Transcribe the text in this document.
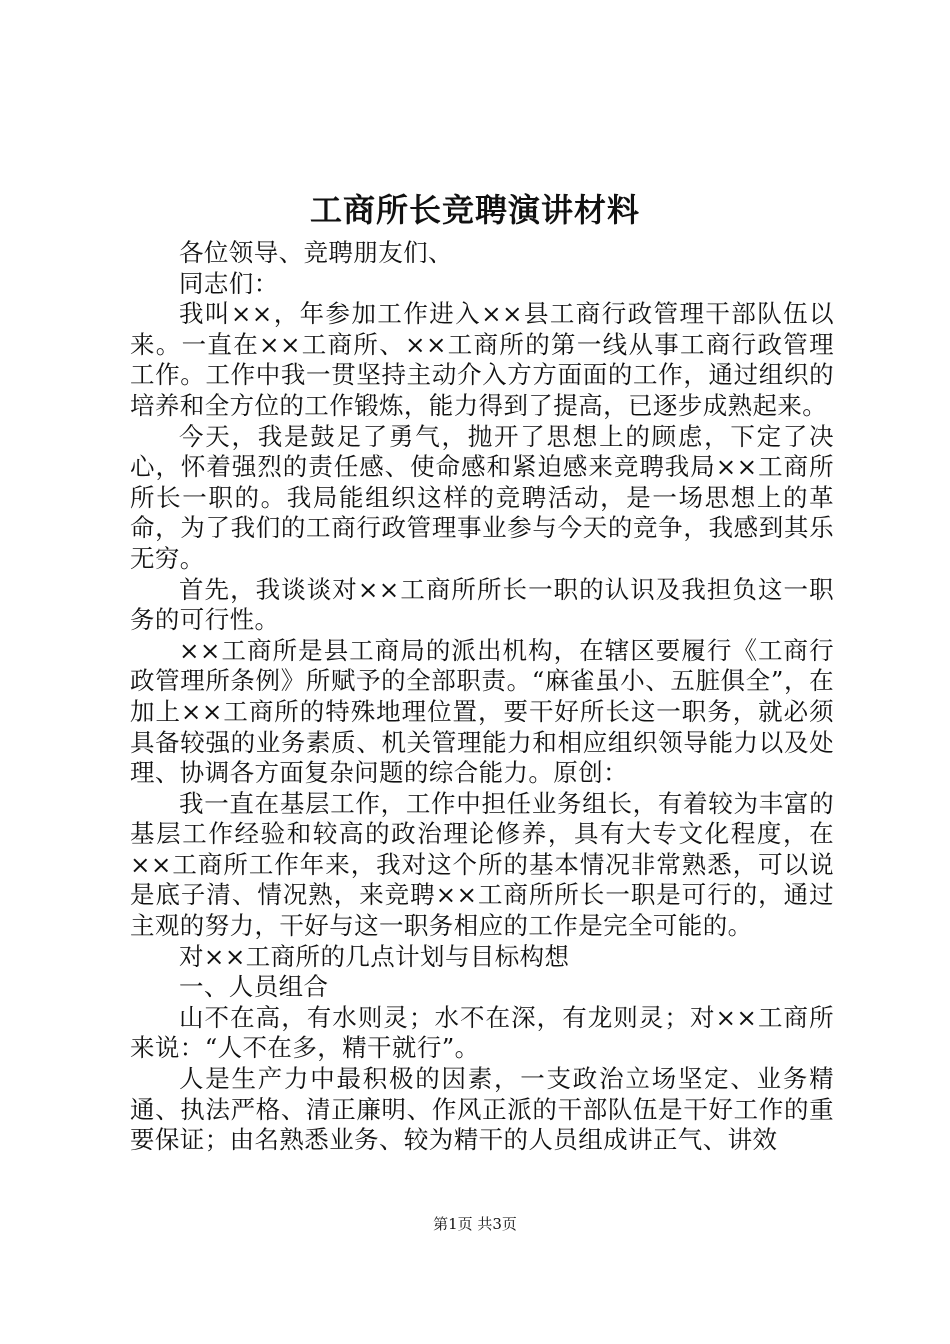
工商所长竞聘演讲材料

各位领导、竞聘朋友们、

同志们：

我叫××，年参加工作进入××县工商行政管理干部队伍以来。一直在××工商所、××工商所的第一线从事工商行政管理工作。工作中我一贯坚持主动介入方方面面的工作，通过组织的培养和全方位的工作锻炼，能力得到了提高，已逐步成熟起来。

今天，我是鼓足了勇气，抛开了思想上的顾虑，下定了决心，怀着强烈的责任感、使命感和紧迫感来竞聘我局××工商所所长一职的。我局能组织这样的竞聘活动，是一场思想上的革命，为了我们的工商行政管理事业参与今天的竞争，我感到其乐无穷。

首先，我谈谈对××工商所所长一职的认识及我担负这一职务的可行性。

××工商所是县工商局的派出机构，在辖区要履行《工商行政管理所条例》所赋予的全部职责。“麻雀虽小、五脏俱全”，在加上××工商所的特殊地理位置，要干好所长这一职务，就必须具备较强的业务素质、机关管理能力和相应组织领导能力以及处理、协调各方面复杂问题的综合能力。原创：

我一直在基层工作，工作中担任业务组长，有着较为丰富的基层工作经验和较高的政治理论修养，具有大专文化程度，在××工商所工作年来，我对这个所的基本情况非常熟悉，可以说是底子清、情况熟，来竞聘××工商所所长一职是可行的，通过主观的努力，干好与这一职务相应的工作是完全可能的。

对××工商所的几点计划与目标构想

一、人员组合

山不在高，有水则灵；水不在深，有龙则灵；对××工商所来说：“人不在多，精干就行”。

人是生产力中最积极的因素，一支政治立场坚定、业务精通、执法严格、清正廉明、作风正派的干部队伍是干好工作的重要保证；由名熟悉业务、较为精干的人员组成讲正气、讲效

第1页 共3页
